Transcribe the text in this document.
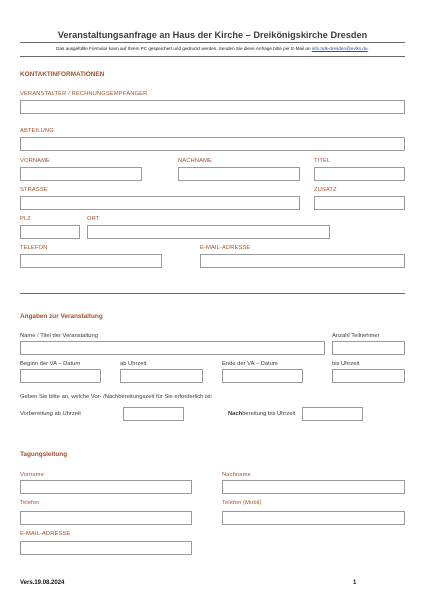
Veranstaltungsanfrage an Haus der Kirche – Dreikönigskirche Dresden
Das ausgefüllte Formular kann auf Ihrem PC gespeichert und gedruckt werden. Senden Sie diese Anfrage bitte per E-Mail an info.hdk-dresden@evlks.de.
KONTAKTINFORMATIONEN
VERANSTALTER / RECHNUNGSEMPFÄNGER
ABTEILUNG
VORNAME	NACHNAME	TITEL
STRASSE	ZUSATZ
PLZ	ORT
TELEFON	E-MAIL-ADRESSE
Angaben zur Veranstaltung
Name / Titel der Veranstaltung	Anzahl Teilnehmer
Beginn der VA – Datum	ab Uhrzeit	Ende der VA – Datum	bis Uhrzeit
Geben Sie bitte an, welche Vor- /Nachbereitungszeit für Sie erforderlich ist:
Vorbereitung ab Uhrzeit	Nachbereitung bis Uhrzeit
Tagungsleitung
Vorname	Nachname
Telefon	Telefon (Mobil)
E-MAIL-ADRESSE
Vers.19.08.2024	1
